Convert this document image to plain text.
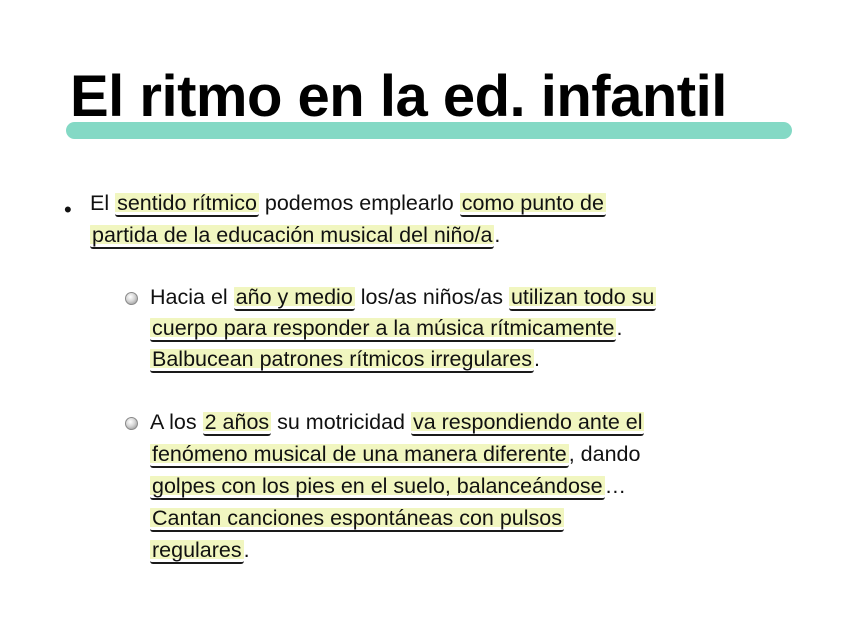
El ritmo en la ed. infantil
• El sentido rítmico podemos emplearlo como punto de
partida de la educación musical del niño/a.
Hacia el año y medio los/as niños/as utilizan todo su
cuerpo para responder a la música rítmicamente.
Balbucean patrones rítmicos irregulares.
A los 2 años su motricidad va respondiendo ante el
fenómeno musical de una manera diferente, dando
golpes con los pies en el suelo, balanceándose…
Cantan canciones espontáneas con pulsos
regulares.
